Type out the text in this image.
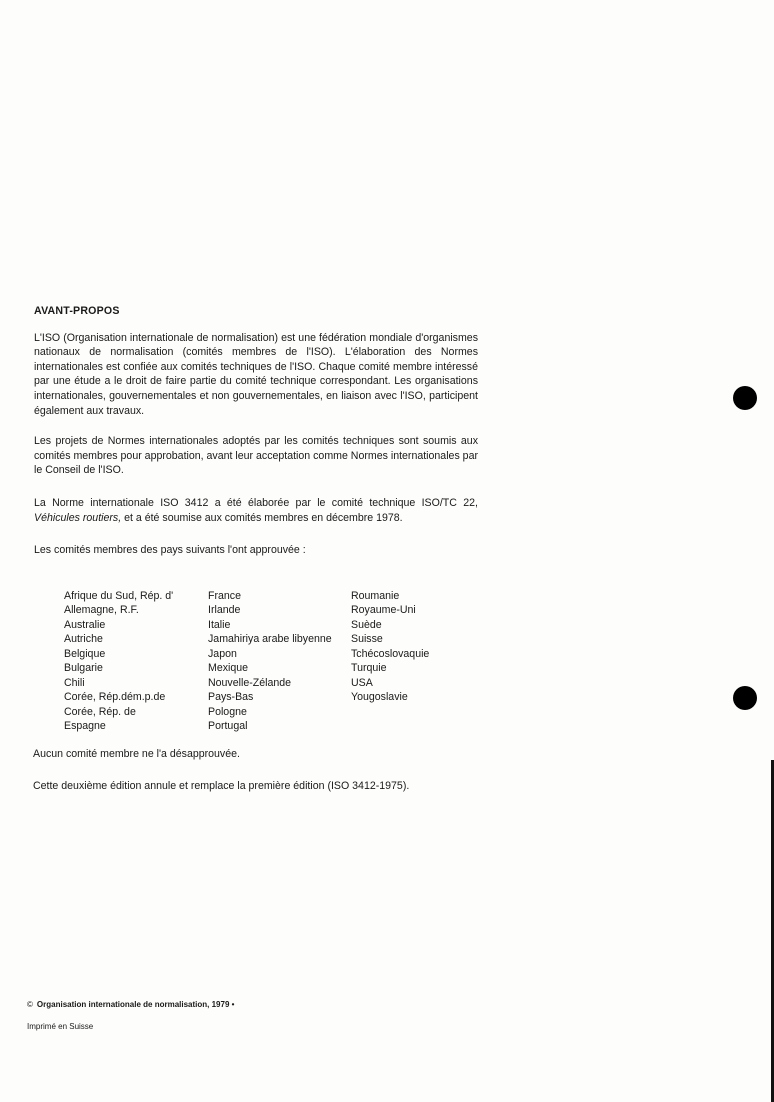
AVANT-PROPOS

L'ISO (Organisation internationale de normalisation) est une fédération mondiale d'organismes nationaux de normalisation (comités membres de l'ISO). L'élaboration des Normes internationales est confiée aux comités techniques de l'ISO. Chaque comité membre intéressé par une étude a le droit de faire partie du comité technique correspondant. Les organisations internationales, gouvernementales et non gouvernementales, en liaison avec l'ISO, participent également aux travaux.

Les projets de Normes internationales adoptés par les comités techniques sont soumis aux comités membres pour approbation, avant leur acceptation comme Normes internationales par le Conseil de l'ISO.

La Norme internationale ISO 3412 a été élaborée par le comité technique ISO/TC 22, Véhicules routiers, et a été soumise aux comités membres en décembre 1978.

Les comités membres des pays suivants l'ont approuvée :

Afrique du Sud, Rép. d'
Allemagne, R.F.
Australie
Autriche
Belgique
Bulgarie
Chili
Corée, Rép.dém.p.de
Corée, Rép. de
Espagne
France
Irlande
Italie
Jamahiriya arabe libyenne
Japon
Mexique
Nouvelle-Zélande
Pays-Bas
Pologne
Portugal
Roumanie
Royaume-Uni
Suède
Suisse
Tchécoslovaquie
Turquie
USA
Yougoslavie

Aucun comité membre ne l'a désapprouvée.

Cette deuxième édition annule et remplace la première édition (ISO 3412-1975).

© Organisation internationale de normalisation, 1979 •

Imprimé en Suisse
